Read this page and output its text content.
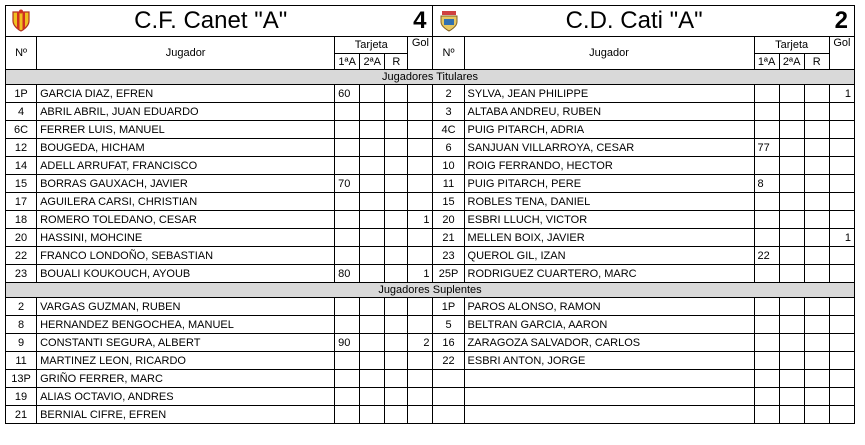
	C.F. Canet "A"			4			C.D. Cati "A"			2	
Nº	Jugador	Tarjeta			Gol	Nº	Jugador	Tarjeta			Gol
		1ªA	2ªA	R				1ªA	2ªA	R	
Jugadores Titulares											
1P	GARCIA DIAZ, EFREN	60				2	SYLVA, JEAN PHILIPPE				1
4	ABRIL ABRIL, JUAN EDUARDO					3	ALTABA ANDREU, RUBEN				
6C	FERRER LUIS, MANUEL					4C	PUIG PITARCH, ADRIA				
12	BOUGEDA, HICHAM					6	SANJUAN VILLARROYA, CESAR	77			
14	ADELL ARRUFAT, FRANCISCO					10	ROIG FERRANDO, HECTOR				
15	BORRAS GAUXACH, JAVIER	70				11	PUIG PITARCH, PERE	8			
17	AGUILERA CARSI, CHRISTIAN					15	ROBLES TENA, DANIEL				
18	ROMERO TOLEDANO, CESAR				1	20	ESBRI LLUCH, VICTOR				
20	HASSINI, MOHCINE					21	MELLEN BOIX, JAVIER				1
22	FRANCO LONDOÑO, SEBASTIAN					23	QUEROL GIL, IZAN	22			
23	BOUALI KOUKOUCH, AYOUB	80			1	25P	RODRIGUEZ CUARTERO, MARC				
Jugadores Suplentes											
2	VARGAS GUZMAN, RUBEN					1P	PAROS ALONSO, RAMON				
8	HERNANDEZ BENGOCHEA, MANUEL					5	BELTRAN GARCIA, AARON				
9	CONSTANTI SEGURA, ALBERT	90			2	16	ZARAGOZA SALVADOR, CARLOS				
11	MARTINEZ LEON, RICARDO					22	ESBRI ANTON, JORGE				
13P	GRIÑO FERRER, MARC										
19	ALIAS OCTAVIO, ANDRES										
21	BERNIAL CIFRE, EFREN										
